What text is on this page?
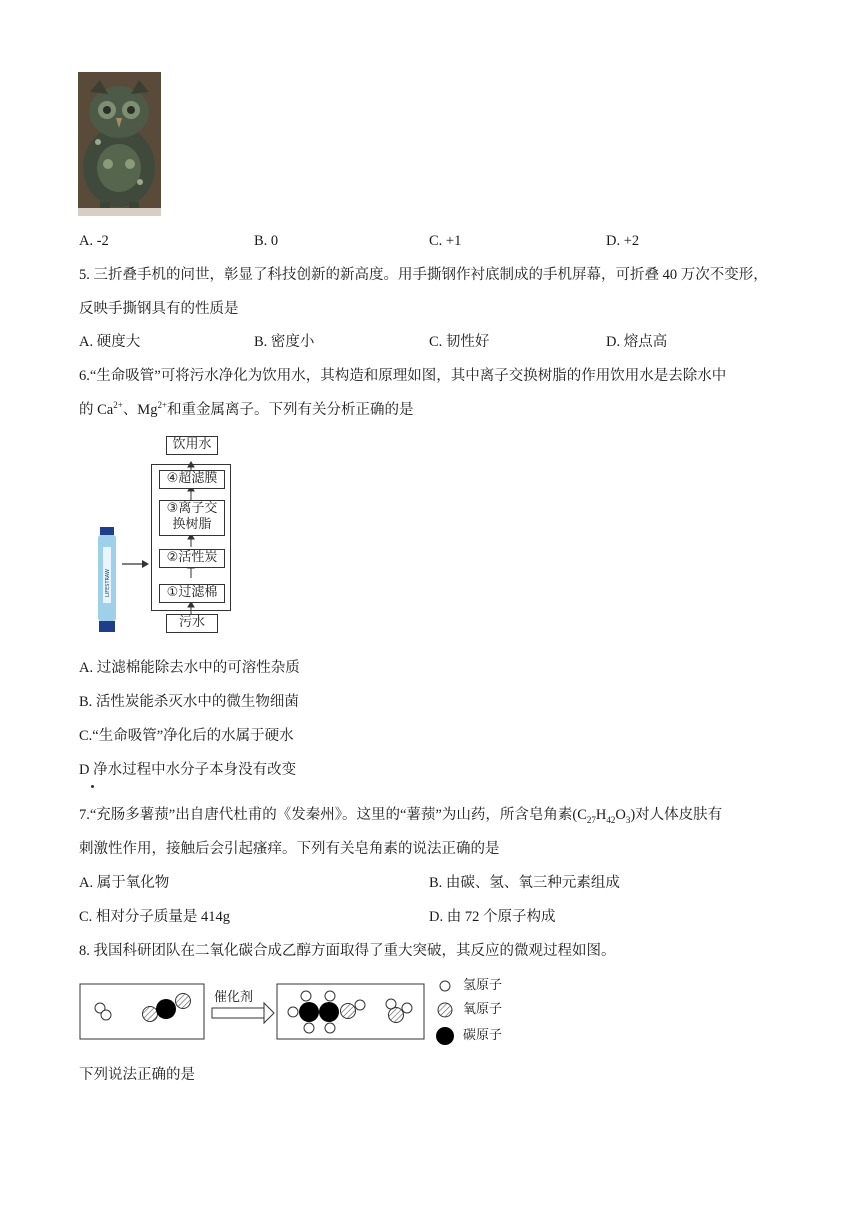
A. -2	B. 0	C. +1	D. +2
5. 三折叠手机的问世，彰显了科技创新的新高度。用手撕钢作衬底制成的手机屏幕，可折叠 40 万次不变形，
反映手撕钢具有的性质是
A. 硬度大	B. 密度小	C. 韧性好	D. 熔点高
6.“生命吸管”可将污水净化为饮用水，其构造和原理如图，其中离子交换树脂的作用饮用水是去除水中
的 $Ca^{2+}$、$Mg^{2+}$和重金属离子。下列有关分析正确的是
LIFESTRAW
饮用水
④超滤膜
③离子交
换树脂
②活性炭
①过滤棉
污水
A. 过滤棉能除去水中的可溶性杂质
B. 活性炭能杀灭水中的微生物细菌
C.“生命吸管”净化后的水属于硬水
D 净水过程中水分子本身没有改变
7.“充肠多薯蓣”出自唐代杜甫的《发秦州》。这里的“薯蓣”为山药，所含皂角素$(C_{27}H_{42}O_3)$对人体皮肤有
刺激性作用，接触后会引起瘙痒。下列有关皂角素的说法正确的是
A. 属于氧化物	B. 由碳、氢、氧三种元素组成
C. 相对分子质量是 414g	D. 由 72 个原子构成
8. 我国科研团队在二氧化碳合成乙醇方面取得了重大突破，其反应的微观过程如图。
催化剂
氢原子
氧原子
碳原子
下列说法正确的是
